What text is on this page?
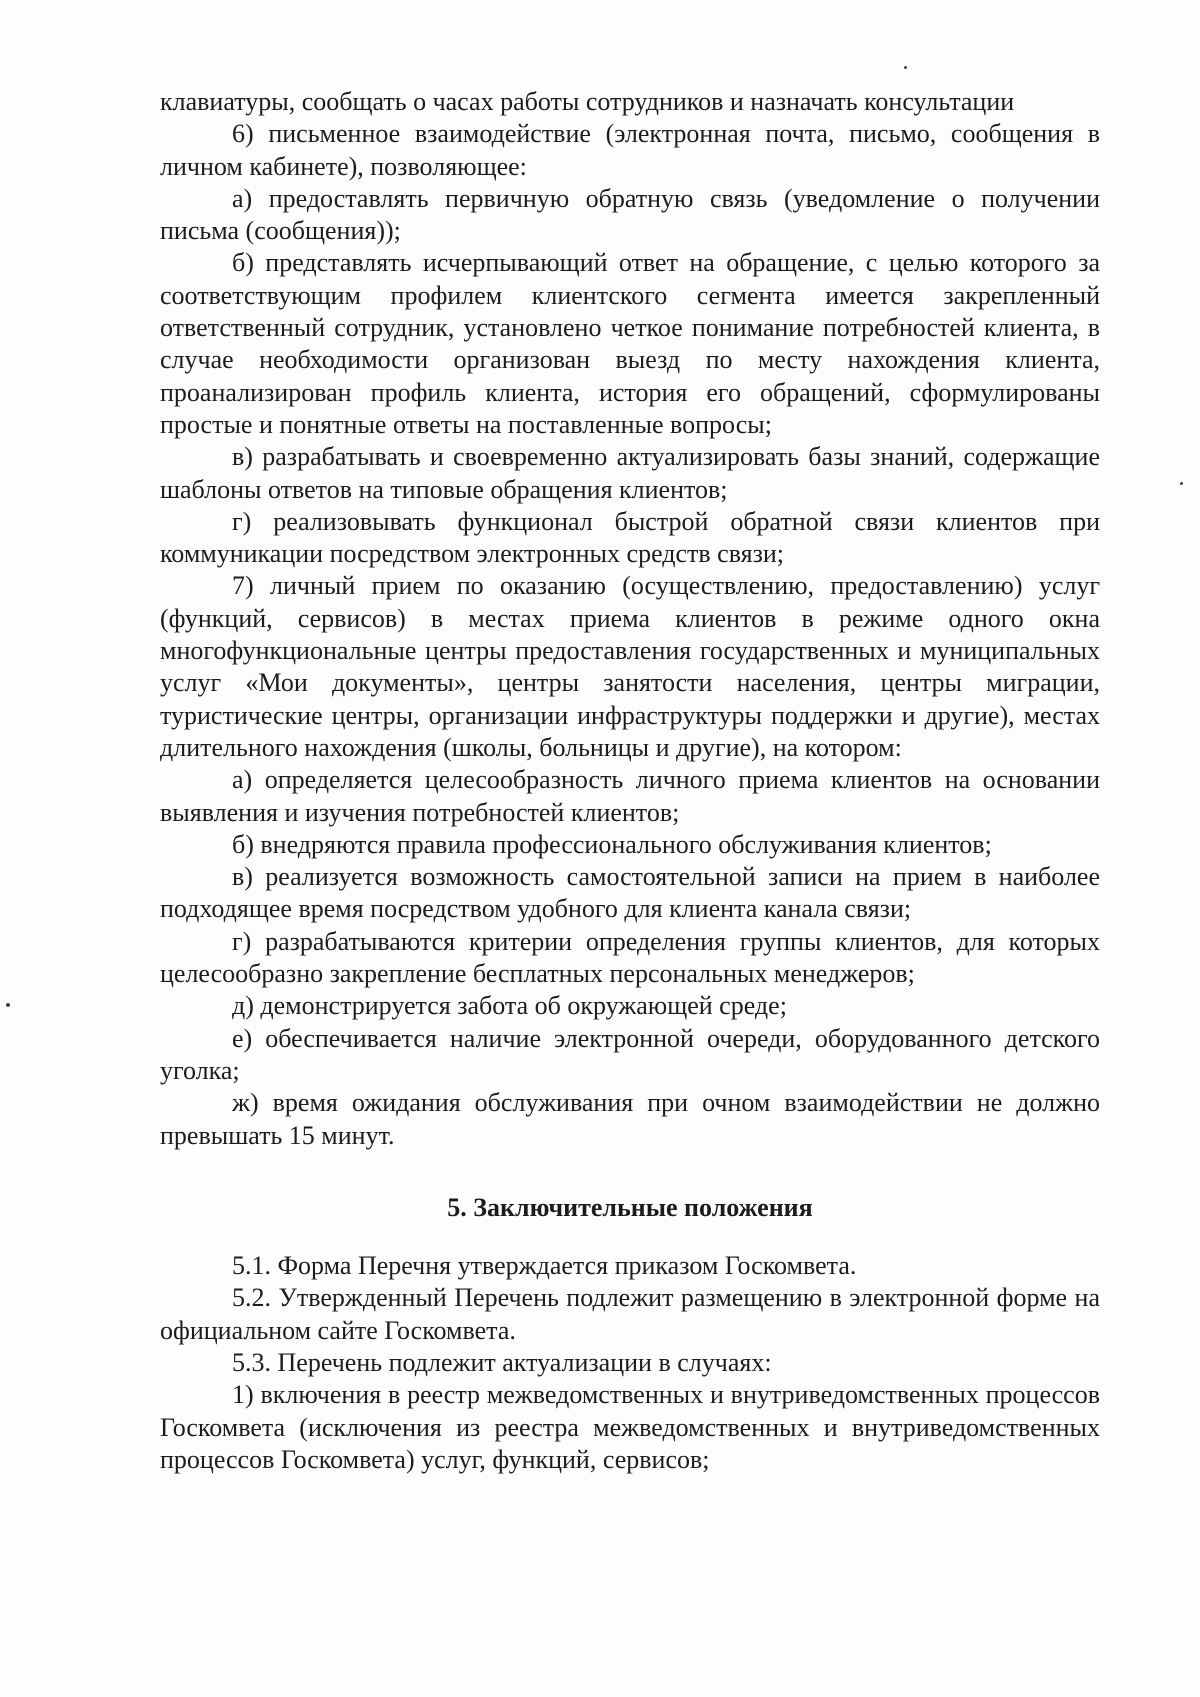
клавиатуры, сообщать о часах работы сотрудников и назначать консультации

6) письменное взаимодействие (электронная почта, письмо, сообщения в личном кабинете), позволяющее:

а) предоставлять первичную обратную связь (уведомление о получении письма (сообщения));

б) представлять исчерпывающий ответ на обращение, с целью которого за соответствующим профилем клиентского сегмента имеется закрепленный ответственный сотрудник, установлено четкое понимание потребностей клиента, в случае необходимости организован выезд по месту нахождения клиента, проанализирован профиль клиента, история его обращений, сформулированы простые и понятные ответы на поставленные вопросы;

в) разрабатывать и своевременно актуализировать базы знаний, содержащие шаблоны ответов на типовые обращения клиентов;

г) реализовывать функционал быстрой обратной связи клиентов при коммуникации посредством электронных средств связи;

7) личный прием по оказанию (осуществлению, предоставлению) услуг (функций, сервисов) в местах приема клиентов в режиме одного окна многофункциональные центры предоставления государственных и муниципальных услуг «Мои документы», центры занятости населения, центры миграции, туристические центры, организации инфраструктуры поддержки и другие), местах длительного нахождения (школы, больницы и другие), на котором:

а) определяется целесообразность личного приема клиентов на основании выявления и изучения потребностей клиентов;

б) внедряются правила профессионального обслуживания клиентов;

в) реализуется возможность самостоятельной записи на прием в наиболее подходящее время посредством удобного для клиента канала связи;

г) разрабатываются критерии определения группы клиентов, для которых целесообразно закрепление бесплатных персональных менеджеров;

д) демонстрируется забота об окружающей среде;

е) обеспечивается наличие электронной очереди, оборудованного детского уголка;

ж) время ожидания обслуживания при очном взаимодействии не должно превышать 15 минут.

5. Заключительные положения

5.1. Форма Перечня утверждается приказом Госкомвета.

5.2. Утвержденный Перечень подлежит размещению в электронной форме на официальном сайте Госкомвета.

5.3. Перечень подлежит актуализации в случаях:

1) включения в реестр межведомственных и внутриведомственных процессов Госкомвета (исключения из реестра межведомственных и внутриведомственных процессов Госкомвета) услуг, функций, сервисов;
